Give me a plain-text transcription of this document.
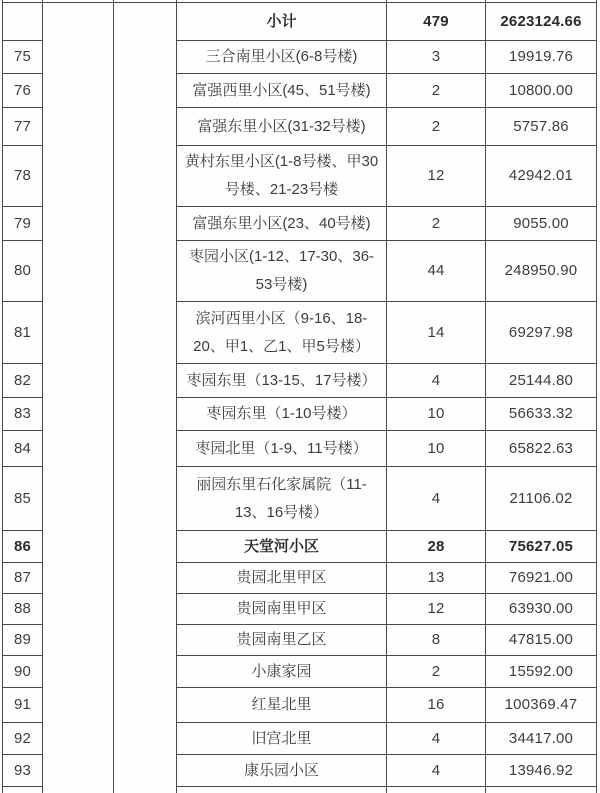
			小计	479	2623124.66
75			三合南里小区(6-8号楼)	3	19919.76
76			富强西里小区(45、51号楼)	2	10800.00
77			富强东里小区(31-32号楼)	2	5757.86
78			黄村东里小区(1-8号楼、甲30号楼、21-23号楼	12	42942.01
79			富强东里小区(23、40号楼)	2	9055.00
80			枣园小区(1-12、17-30、36-53号楼)	44	248950.90
81			滨河西里小区（9-16、18-20、甲1、乙1、甲5号楼）	14	69297.98
82			枣园东里（13-15、17号楼）	4	25144.80
83			枣园东里（1-10号楼）	10	56633.32
84			枣园北里（1-9、11号楼）	10	65822.63
85			丽园东里石化家属院（11-13、16号楼）	4	21106.02
86			天堂河小区	28	75627.05
87			贵园北里甲区	13	76921.00
88			贵园南里甲区	12	63930.00
89			贵园南里乙区	8	47815.00
90			小康家园	2	15592.00
91			红星北里	16	100369.47
92			旧宫北里	4	34417.00
93			康乐园小区	4	13946.92
